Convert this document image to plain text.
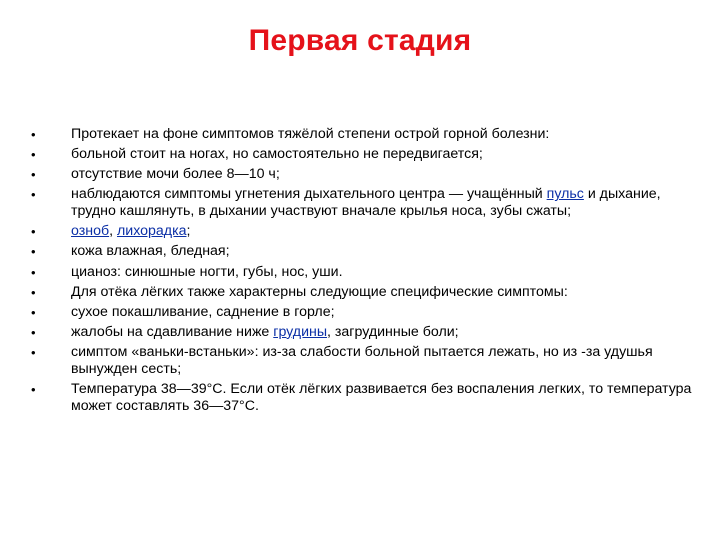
Первая стадия
• Протекает на фоне симптомов тяжёлой степени острой горной болезни:
• больной стоит на ногах, но самостоятельно не передвигается;
• отсутствие мочи более 8—10 ч;
• наблюдаются симптомы угнетения дыхательного центра — учащённый пульс и дыхание, трудно кашлянуть, в дыхании участвуют вначале крылья носа, зубы сжаты;
• озноб, лихорадка;
• кожа влажная, бледная;
• цианоз: синюшные ногти, губы, нос, уши.
• Для отёка лёгких также характерны следующие специфические симптомы:
• сухое покашливание, саднение в горле;
• жалобы на сдавливание ниже грудины, загрудинные боли;
• симптом «ваньки-встаньки»: из-за слабости больной пытается лежать, но из -за удушья вынужден сесть;
• Температура 38—39°С. Если отёк лёгких развивается без воспаления легких, то температура может составлять 36—37°С.
